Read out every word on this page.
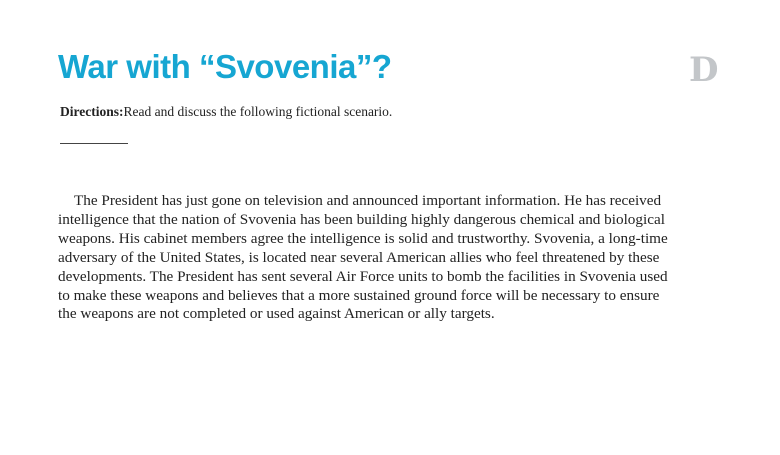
War with “Svovenia”?	D
Directions:Read and discuss the following fictional scenario.
The President has just gone on television and announced important information. He has received
intelligence that the nation of Svovenia has been building highly dangerous chemical and biological
weapons. His cabinet members agree the intelligence is solid and trustworthy. Svovenia, a long-time
adversary of the United States, is located near several American allies who feel threatened by these
developments. The President has sent several Air Force units to bomb the facilities in Svovenia used
to make these weapons and believes that a more sustained ground force will be necessary to ensure
the weapons are not completed or used against American or ally targets.
